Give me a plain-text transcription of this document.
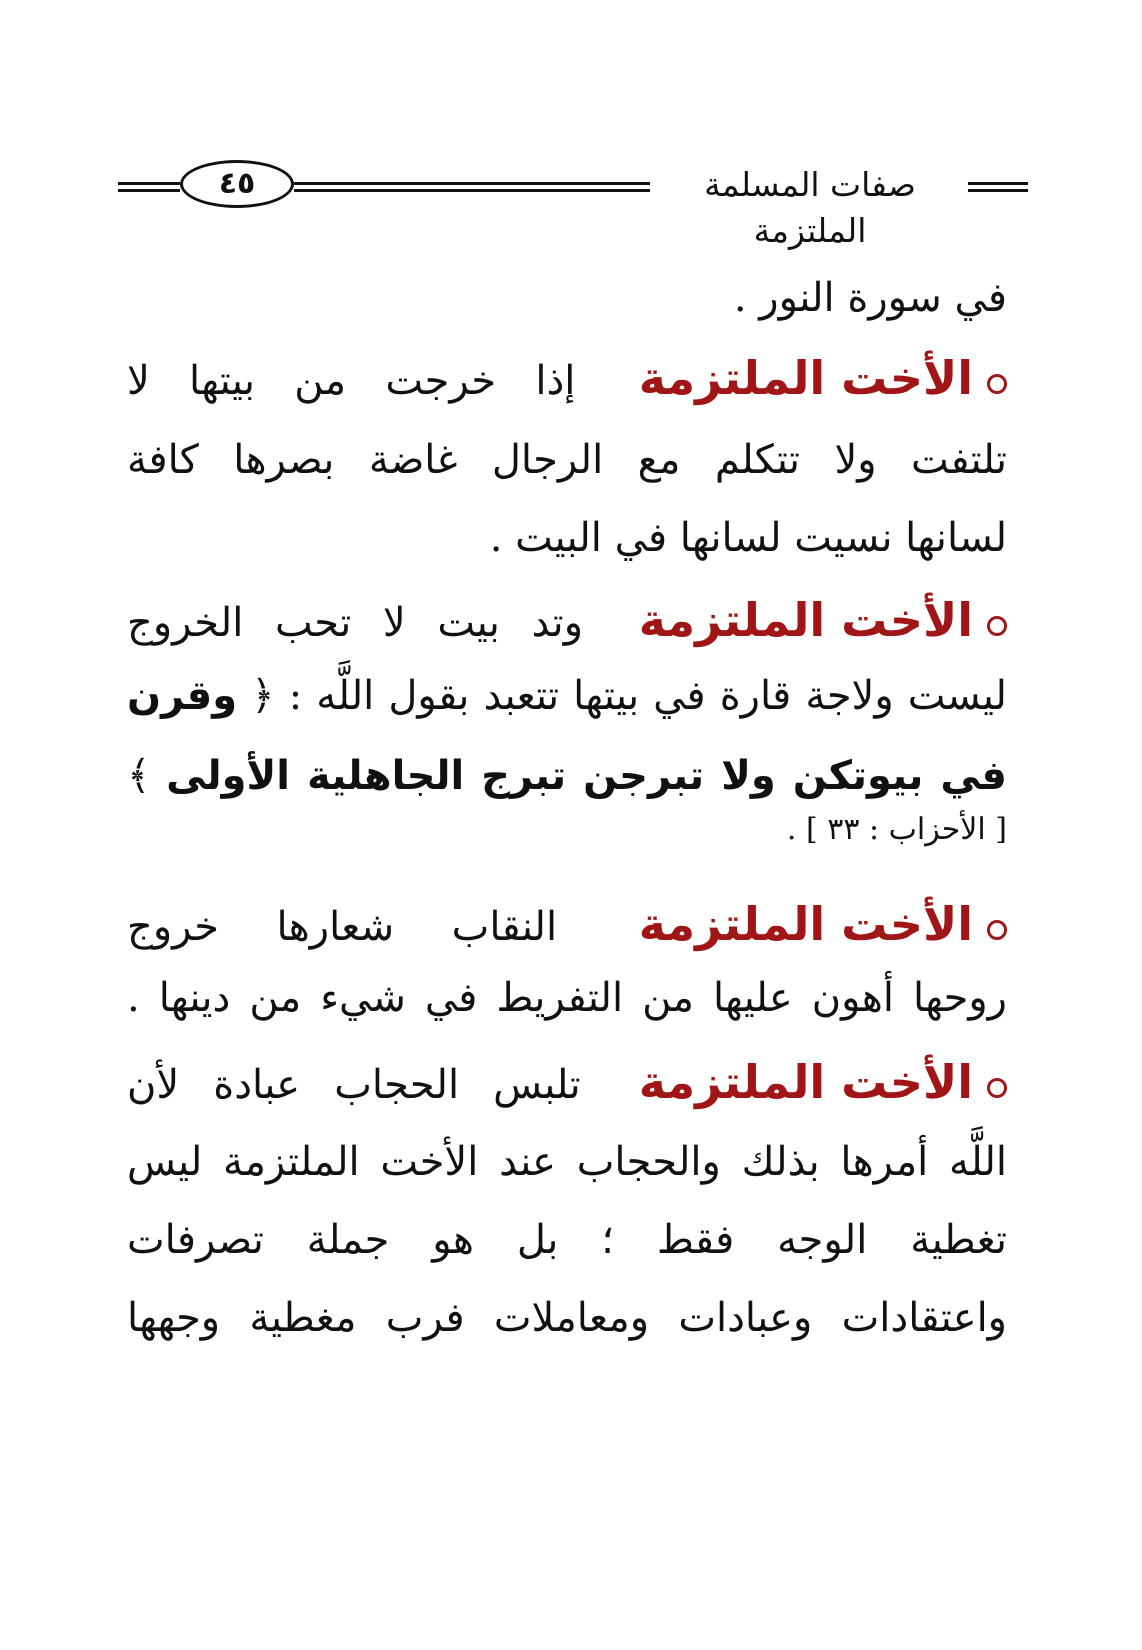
٤٥	صفات المسلمة الملتزمة
في سورة النور .
الأخت الملتزمة إذا خرجت من بيتها لا
تلتفت ولا تتكلم مع الرجال غاضة بصرها كافة
لسانها نسيت لسانها في البيت .
الأخت الملتزمة وتد بيت لا تحب الخروج
ليست ولاجة قارة في بيتها تتعبد بقول اللَّه : ﴿ وقرن
في بيوتكن ولا تبرجن تبرج الجاهلية الأولى ﴾
[ الأحزاب : ٣٣ ] .
الأخت الملتزمة النقاب شعارها خروج
روحها أهون عليها من التفريط في شيء من دينها .
الأخت الملتزمة تلبس الحجاب عبادة لأن
اللَّه أمرها بذلك والحجاب عند الأخت الملتزمة ليس
تغطية الوجه فقط ؛ بل هو جملة تصرفات
واعتقادات وعبادات ومعاملات فرب مغطية وجهها
